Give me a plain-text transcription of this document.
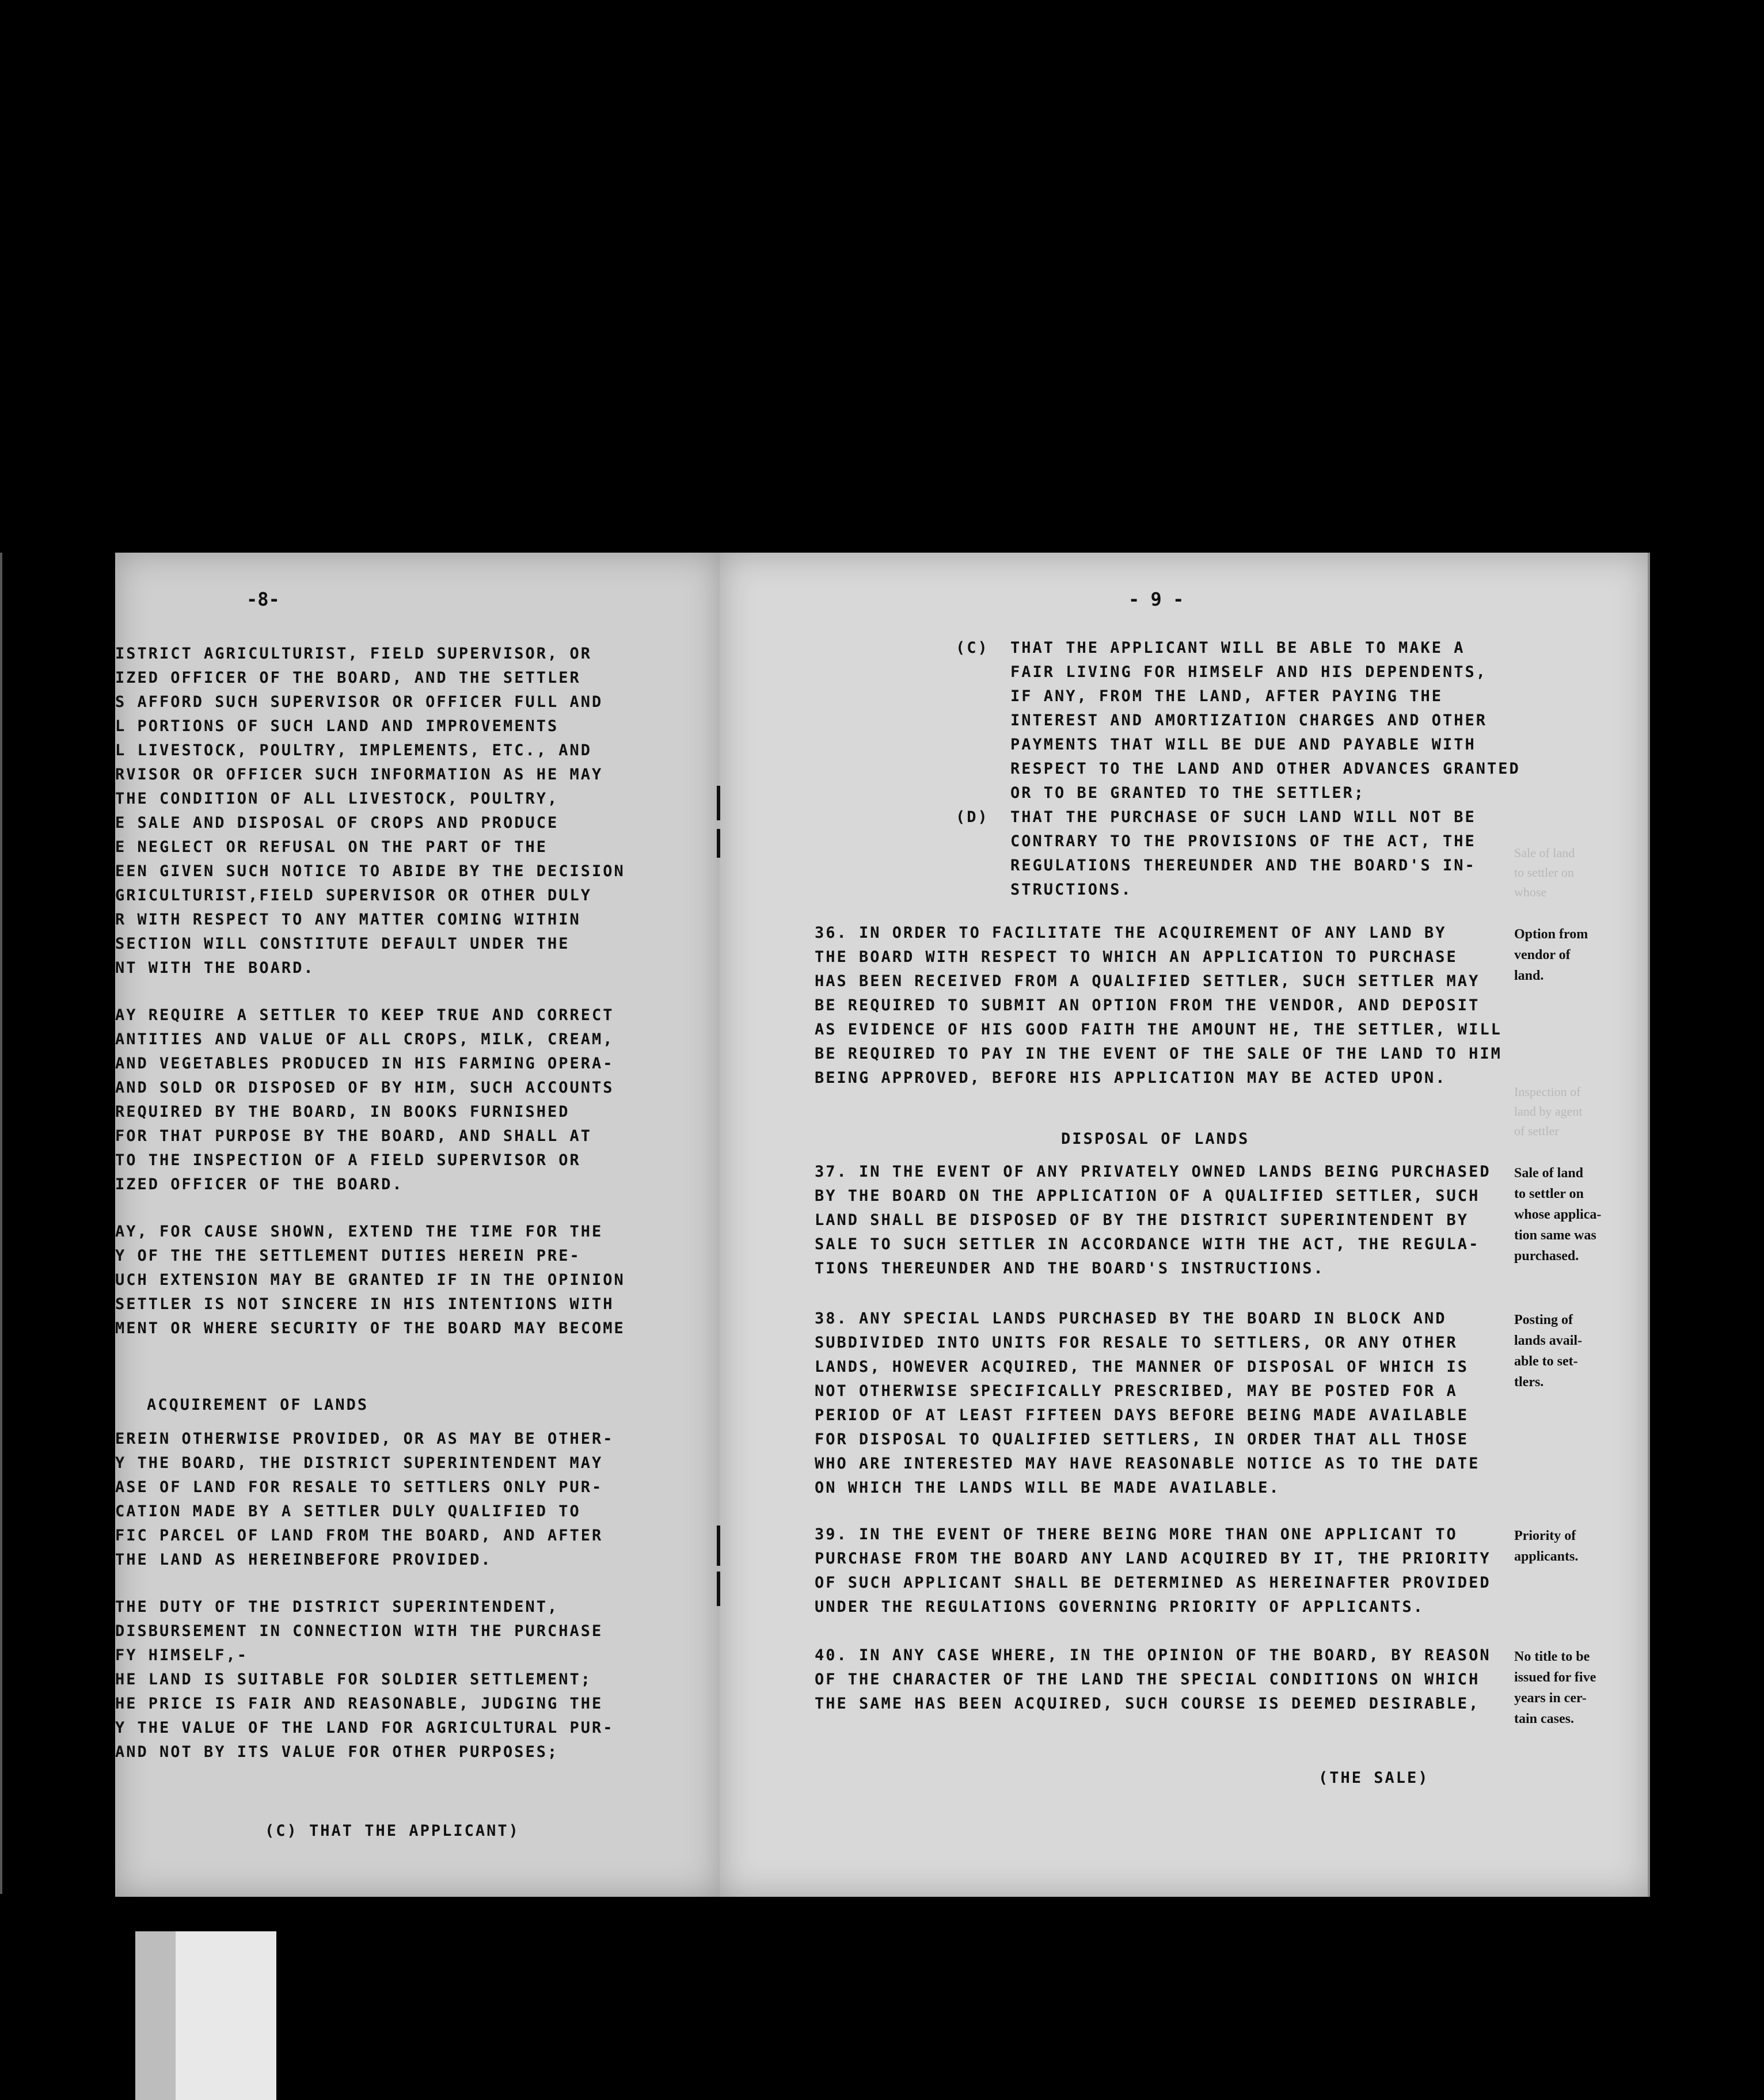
-8-
ISTRICT AGRICULTURIST, FIELD SUPERVISOR, OR
IZED OFFICER OF THE BOARD, AND THE SETTLER
S AFFORD SUCH SUPERVISOR OR OFFICER FULL AND
L PORTIONS OF SUCH LAND AND IMPROVEMENTS
L LIVESTOCK, POULTRY, IMPLEMENTS, ETC., AND
RVISOR OR OFFICER SUCH INFORMATION AS HE MAY
THE CONDITION OF ALL LIVESTOCK, POULTRY,
E SALE AND DISPOSAL OF CROPS AND PRODUCE
E NEGLECT OR REFUSAL ON THE PART OF THE
EEN GIVEN SUCH NOTICE TO ABIDE BY THE DECISION
GRICULTURIST,FIELD SUPERVISOR OR OTHER DULY
R WITH RESPECT TO ANY MATTER COMING WITHIN
SECTION WILL CONSTITUTE DEFAULT UNDER THE
NT WITH THE BOARD.
AY REQUIRE A SETTLER TO KEEP TRUE AND CORRECT
ANTITIES AND VALUE OF ALL CROPS, MILK, CREAM,
AND VEGETABLES PRODUCED IN HIS FARMING OPERA-
AND SOLD OR DISPOSED OF BY HIM, SUCH ACCOUNTS
REQUIRED BY THE BOARD, IN BOOKS FURNISHED
FOR THAT PURPOSE BY THE BOARD, AND SHALL AT
TO THE INSPECTION OF A FIELD SUPERVISOR OR
IZED OFFICER OF THE BOARD.
AY, FOR CAUSE SHOWN, EXTEND THE TIME FOR THE
Y OF THE THE SETTLEMENT DUTIES HEREIN PRE-
UCH EXTENSION MAY BE GRANTED IF IN THE OPINION
SETTLER IS NOT SINCERE IN HIS INTENTIONS WITH
MENT OR WHERE SECURITY OF THE BOARD MAY BECOME
EREIN OTHERWISE PROVIDED, OR AS MAY BE OTHER-
Y THE BOARD, THE DISTRICT SUPERINTENDENT MAY
ASE OF LAND FOR RESALE TO SETTLERS ONLY PUR-
CATION MADE BY A SETTLER DULY QUALIFIED TO
FIC PARCEL OF LAND FROM THE BOARD, AND AFTER
THE LAND AS HEREINBEFORE PROVIDED.
THE DUTY OF THE DISTRICT SUPERINTENDENT,
DISBURSEMENT IN CONNECTION WITH THE PURCHASE
FY HIMSELF,-
HE LAND IS SUITABLE FOR SOLDIER SETTLEMENT;
HE PRICE IS FAIR AND REASONABLE, JUDGING THE
Y THE VALUE OF THE LAND FOR AGRICULTURAL PUR-
AND NOT BY ITS VALUE FOR OTHER PURPOSES;
ACQUIREMENT OF LANDS
(C) THAT THE APPLICANT)
- 9 -
(C) THAT THE APPLICANT WILL BE ABLE TO MAKE A
FAIR LIVING FOR HIMSELF AND HIS DEPENDENTS,
IF ANY, FROM THE LAND, AFTER PAYING THE
INTEREST AND AMORTIZATION CHARGES AND OTHER
PAYMENTS THAT WILL BE DUE AND PAYABLE WITH
RESPECT TO THE LAND AND OTHER ADVANCES GRANTED
OR TO BE GRANTED TO THE SETTLER;
(D) THAT THE PURCHASE OF SUCH LAND WILL NOT BE
CONTRARY TO THE PROVISIONS OF THE ACT, THE
REGULATIONS THEREUNDER AND THE BOARD'S IN-
STRUCTIONS.
36. IN ORDER TO FACILITATE THE ACQUIREMENT OF ANY LAND BY
THE BOARD WITH RESPECT TO WHICH AN APPLICATION TO PURCHASE
HAS BEEN RECEIVED FROM A QUALIFIED SETTLER, SUCH SETTLER MAY
BE REQUIRED TO SUBMIT AN OPTION FROM THE VENDOR, AND DEPOSIT
AS EVIDENCE OF HIS GOOD FAITH THE AMOUNT HE, THE SETTLER, WILL
BE REQUIRED TO PAY IN THE EVENT OF THE SALE OF THE LAND TO HIM
BEING APPROVED, BEFORE HIS APPLICATION MAY BE ACTED UPON.
Option from
vendor of
land.
37. IN THE EVENT OF ANY PRIVATELY OWNED LANDS BEING PURCHASED
BY THE BOARD ON THE APPLICATION OF A QUALIFIED SETTLER, SUCH
LAND SHALL BE DISPOSED OF BY THE DISTRICT SUPERINTENDENT BY
SALE TO SUCH SETTLER IN ACCORDANCE WITH THE ACT, THE REGULA-
TIONS THEREUNDER AND THE BOARD'S INSTRUCTIONS.
Sale of land
to settler on
whose applica-
tion same was
purchased.
38. ANY SPECIAL LANDS PURCHASED BY THE BOARD IN BLOCK AND
SUBDIVIDED INTO UNITS FOR RESALE TO SETTLERS, OR ANY OTHER
LANDS, HOWEVER ACQUIRED, THE MANNER OF DISPOSAL OF WHICH IS
NOT OTHERWISE SPECIFICALLY PRESCRIBED, MAY BE POSTED FOR A
PERIOD OF AT LEAST FIFTEEN DAYS BEFORE BEING MADE AVAILABLE
FOR DISPOSAL TO QUALIFIED SETTLERS, IN ORDER THAT ALL THOSE
WHO ARE INTERESTED MAY HAVE REASONABLE NOTICE AS TO THE DATE
ON WHICH THE LANDS WILL BE MADE AVAILABLE.
Posting of
lands avail-
able to set-
tlers.
39. IN THE EVENT OF THERE BEING MORE THAN ONE APPLICANT TO
PURCHASE FROM THE BOARD ANY LAND ACQUIRED BY IT, THE PRIORITY
OF SUCH APPLICANT SHALL BE DETERMINED AS HEREINAFTER PROVIDED
UNDER THE REGULATIONS GOVERNING PRIORITY OF APPLICANTS.
Priority of
applicants.
40. IN ANY CASE WHERE, IN THE OPINION OF THE BOARD, BY REASON
OF THE CHARACTER OF THE LAND THE SPECIAL CONDITIONS ON WHICH
THE SAME HAS BEEN ACQUIRED, SUCH COURSE IS DEEMED DESIRABLE,
No title to be
issued for five
years in cer-
tain cases.
DISPOSAL OF LANDS
(THE SALE)
Sale of land
to settler on
whose
Inspection of
land by agent
of settler
